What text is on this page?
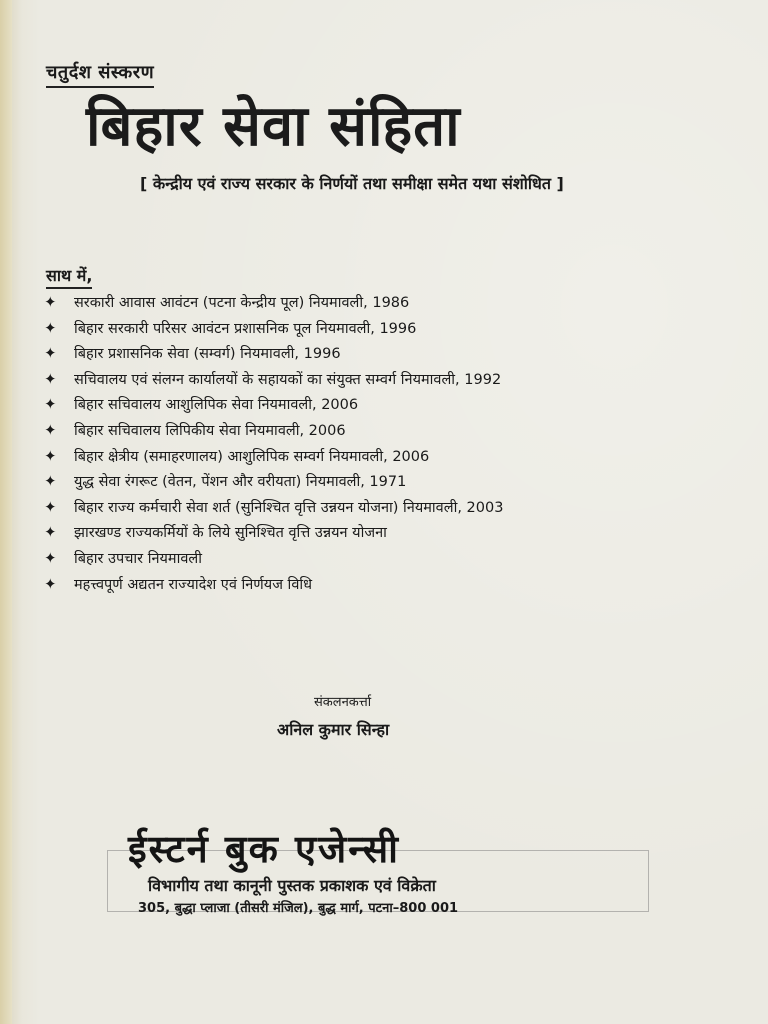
चतुर्दश संस्करण
बिहार सेवा संहिता
[ केन्द्रीय एवं राज्य सरकार के निर्णयों तथा समीक्षा समेत यथा संशोधित ]
साथ में,
✦ सरकारी आवास आवंटन (पटना केन्द्रीय पूल) नियमावली, 1986
✦ बिहार सरकारी परिसर आवंटन प्रशासनिक पूल नियमावली, 1996
✦ बिहार प्रशासनिक सेवा (सम्वर्ग) नियमावली, 1996
✦ सचिवालय एवं संलग्न कार्यालयों के सहायकों का संयुक्त सम्वर्ग नियमावली, 1992
✦ बिहार सचिवालय आशुलिपिक सेवा नियमावली, 2006
✦ बिहार सचिवालय लिपिकीय सेवा नियमावली, 2006
✦ बिहार क्षेत्रीय (समाहरणालय) आशुलिपिक सम्वर्ग नियमावली, 2006
✦ युद्ध सेवा रंगरूट (वेतन, पेंशन और वरीयता) नियमावली, 1971
✦ बिहार राज्य कर्मचारी सेवा शर्त (सुनिश्चित वृत्ति उन्नयन योजना) नियमावली, 2003
✦ झारखण्ड राज्यकर्मियों के लिये सुनिश्चित वृत्ति उन्नयन योजना
✦ बिहार उपचार नियमावली
✦ महत्त्वपूर्ण अद्यतन राज्यादेश एवं निर्णयज विधि
संकलनकर्त्ता
अनिल कुमार सिन्हा
ईस्टर्न बुक एजेन्सी
विभागीय तथा कानूनी पुस्तक प्रकाशक एवं विक्रेता
305, बुद्धा प्लाजा (तीसरी मंजिल), बुद्ध मार्ग, पटना–800 001
